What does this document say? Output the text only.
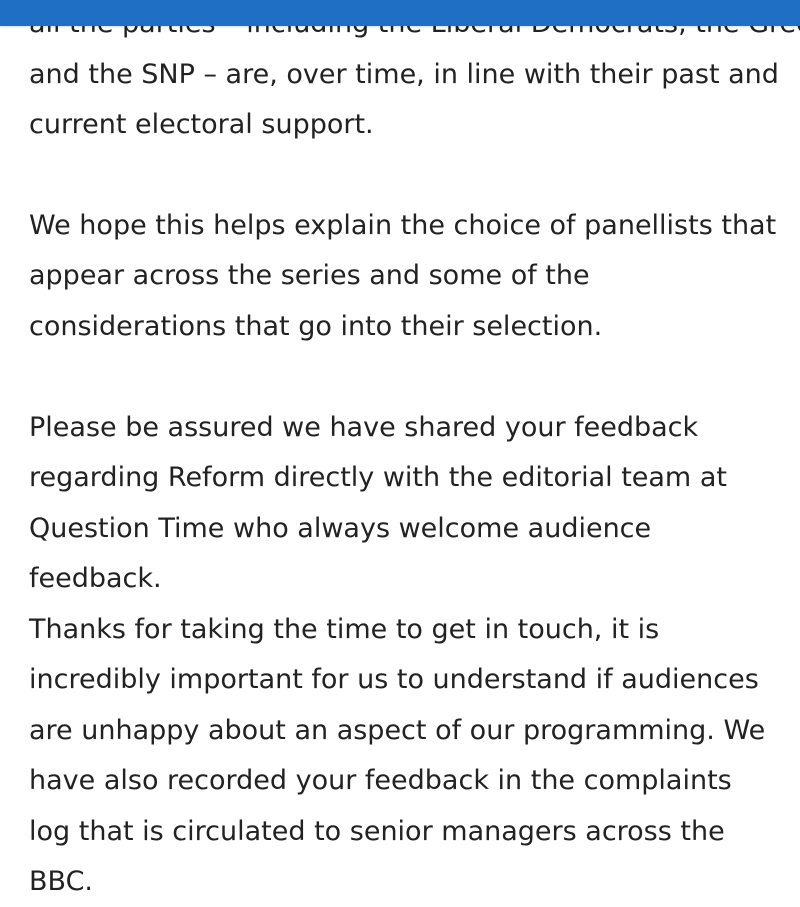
and the SNP – are, over time, in line with their past and current electoral support.

We hope this helps explain the choice of panellists that appear across the series and some of the considerations that go into their selection.

Please be assured we have shared your feedback regarding Reform directly with the editorial team at Question Time who always welcome audience feedback.

Thanks for taking the time to get in touch, it is incredibly important for us to understand if audiences are unhappy about an aspect of our programming. We have also recorded your feedback in the complaints log that is circulated to senior managers across the BBC.
